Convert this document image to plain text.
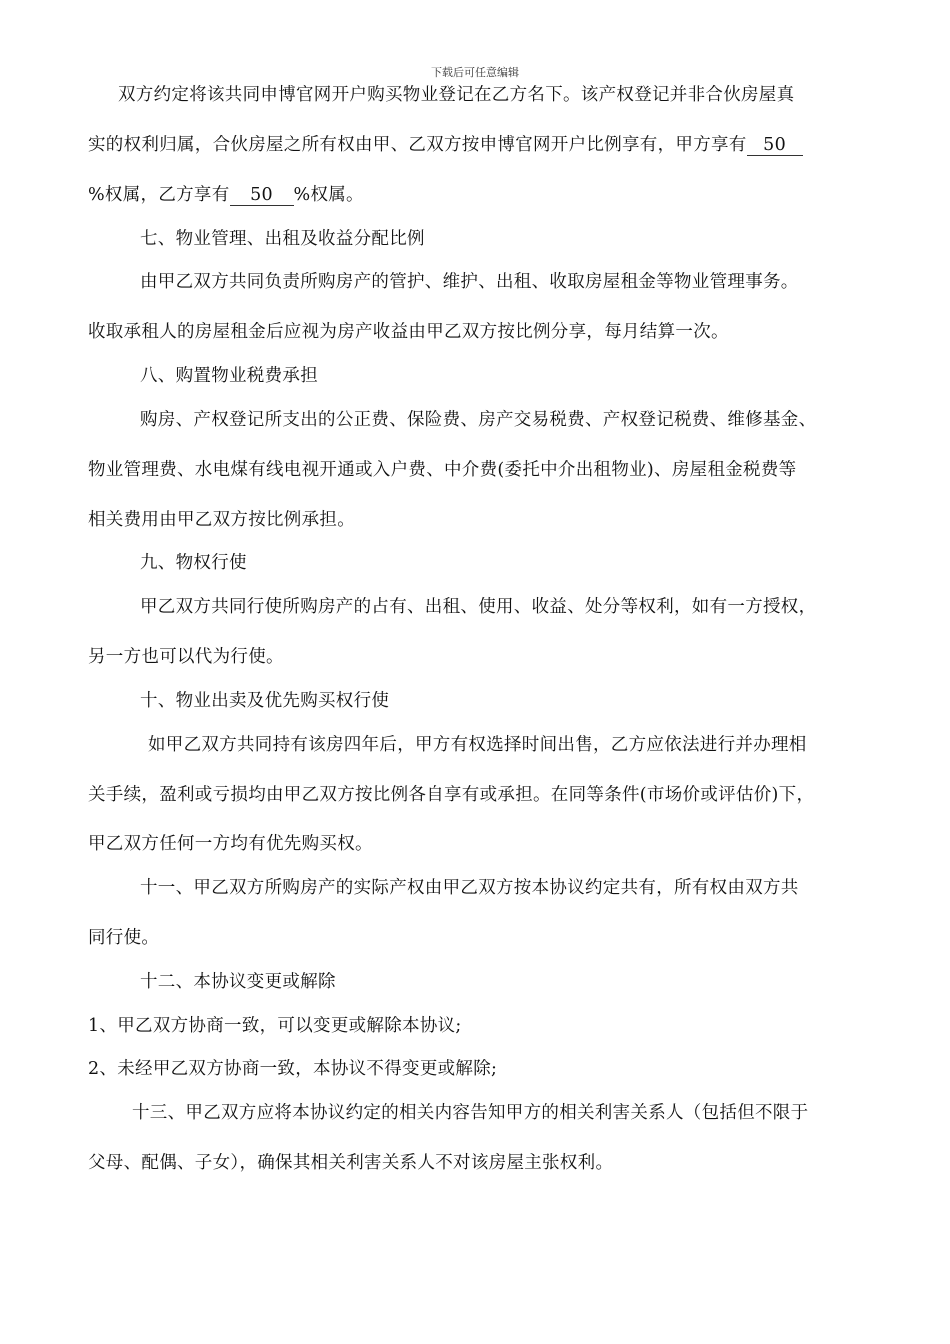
下载后可任意编辑
双方约定将该共同申博官网开户购买物业登记在乙方名下。该产权登记并非合伙房屋真
实的权利归属，合伙房屋之所有权由甲、乙双方按申博官网开户比例享有，甲方享有 50
%权属，乙方享有 50 %权属。
七、物业管理、出租及收益分配比例
由甲乙双方共同负责所购房产的管护、维护、出租、收取房屋租金等物业管理事务。
收取承租人的房屋租金后应视为房产收益由甲乙双方按比例分享，每月结算一次。
八、购置物业税费承担
购房、产权登记所支出的公正费、保险费、房产交易税费、产权登记税费、维修基金、
物业管理费、水电煤有线电视开通或入户费、中介费(委托中介出租物业)、房屋租金税费等
相关费用由甲乙双方按比例承担。
九、物权行使
甲乙双方共同行使所购房产的占有、出租、使用、收益、处分等权利，如有一方授权，
另一方也可以代为行使。
十、物业出卖及优先购买权行使
如甲乙双方共同持有该房四年后，甲方有权选择时间出售，乙方应依法进行并办理相
关手续，盈利或亏损均由甲乙双方按比例各自享有或承担。在同等条件(市场价或评估价)下，
甲乙双方任何一方均有优先购买权。
十一、甲乙双方所购房产的实际产权由甲乙双方按本协议约定共有，所有权由双方共
同行使。
十二、本协议变更或解除
1、甲乙双方协商一致，可以变更或解除本协议;
2、未经甲乙双方协商一致，本协议不得变更或解除;
十三、甲乙双方应将本协议约定的相关内容告知甲方的相关利害关系人（包括但不限于
父母、配偶、子女），确保其相关利害关系人不对该房屋主张权利。
